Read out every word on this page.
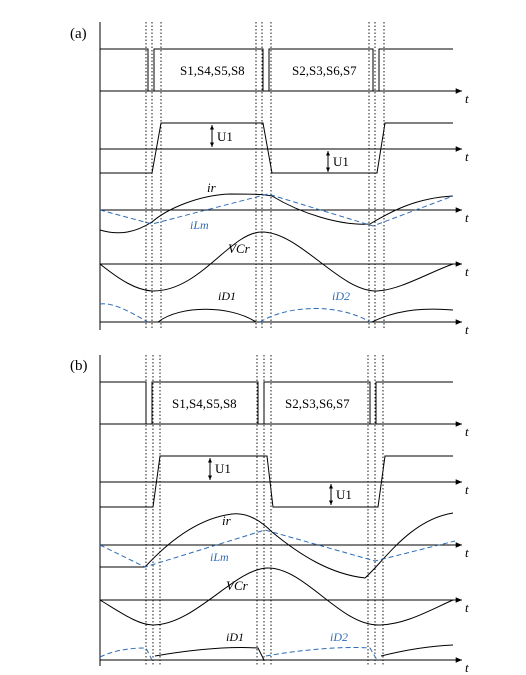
(a)
t
S1,S4,S5,S8	S2,S3,S6,S7
t
U1
U1
t
ir
iLm
t
VCr
t
iD1	iD2
(b)
t
S1,S4,S5,S8	S2,S3,S6,S7
t
U1
U1
t
ir
iLm
t
VCr
t
iD1	iD2
